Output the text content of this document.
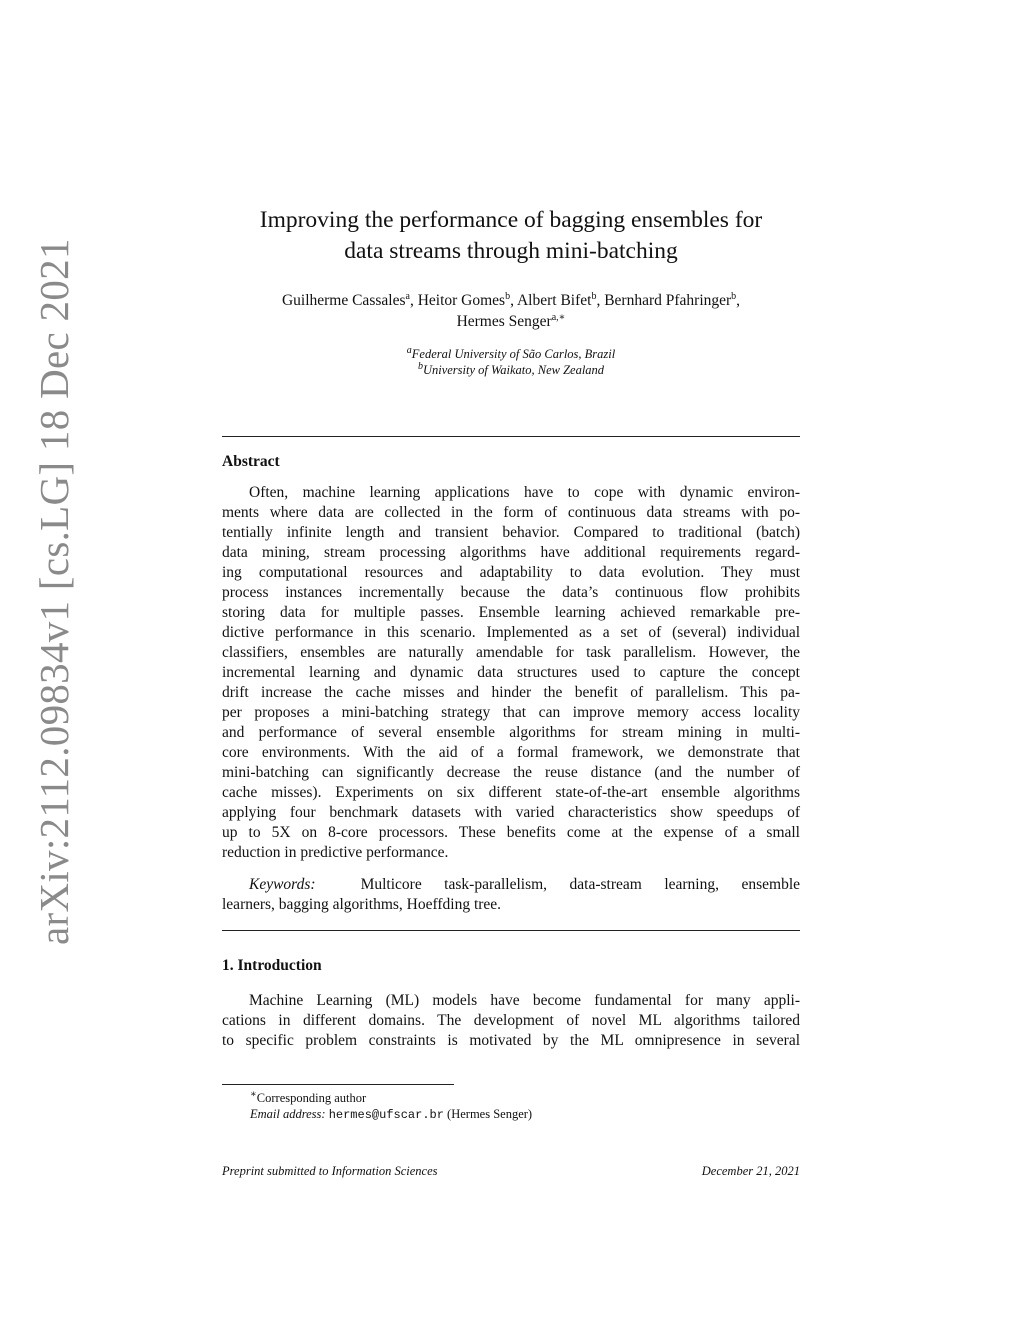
arXiv:2112.09834v1 [cs.LG] 18 Dec 2021
Improving the performance of bagging ensembles for
data streams through mini-batching
Guilherme Cassales$^a$, Heitor Gomes$^b$, Albert Bifet$^b$, Bernhard Pfahringer$^b$,
Hermes Senger$^{a,∗}$
$^a$Federal University of São Carlos, Brazil
$^b$University of Waikato, New Zealand
Abstract
Often, machine learning applications have to cope with dynamic environ-
ments where data are collected in the form of continuous data streams with po-
tentially infinite length and transient behavior. Compared to traditional (batch)
data mining, stream processing algorithms have additional requirements regard-
ing computational resources and adaptability to data evolution. They must
process instances incrementally because the data’s continuous flow prohibits
storing data for multiple passes. Ensemble learning achieved remarkable pre-
dictive performance in this scenario. Implemented as a set of (several) individual
classifiers, ensembles are naturally amendable for task parallelism. However, the
incremental learning and dynamic data structures used to capture the concept
drift increase the cache misses and hinder the benefit of parallelism. This pa-
per proposes a mini-batching strategy that can improve memory access locality
and performance of several ensemble algorithms for stream mining in multi-
core environments. With the aid of a formal framework, we demonstrate that
mini-batching can significantly decrease the reuse distance (and the number of
cache misses). Experiments on six different state-of-the-art ensemble algorithms
applying four benchmark datasets with varied characteristics show speedups of
up to 5X on 8-core processors. These benefits come at the expense of a small
reduction in predictive performance.
Keywords:	Multicore task-parallelism, data-stream learning, ensemble
learners, bagging algorithms, Hoeffding tree.
1. Introduction
Machine Learning (ML) models have become fundamental for many appli-
cations in different domains. The development of novel ML algorithms tailored
to specific problem constraints is motivated by the ML omnipresence in several
∗Corresponding author
Email address: hermes@ufscar.br (Hermes Senger)
Preprint submitted to Information Sciences	December 21, 2021
